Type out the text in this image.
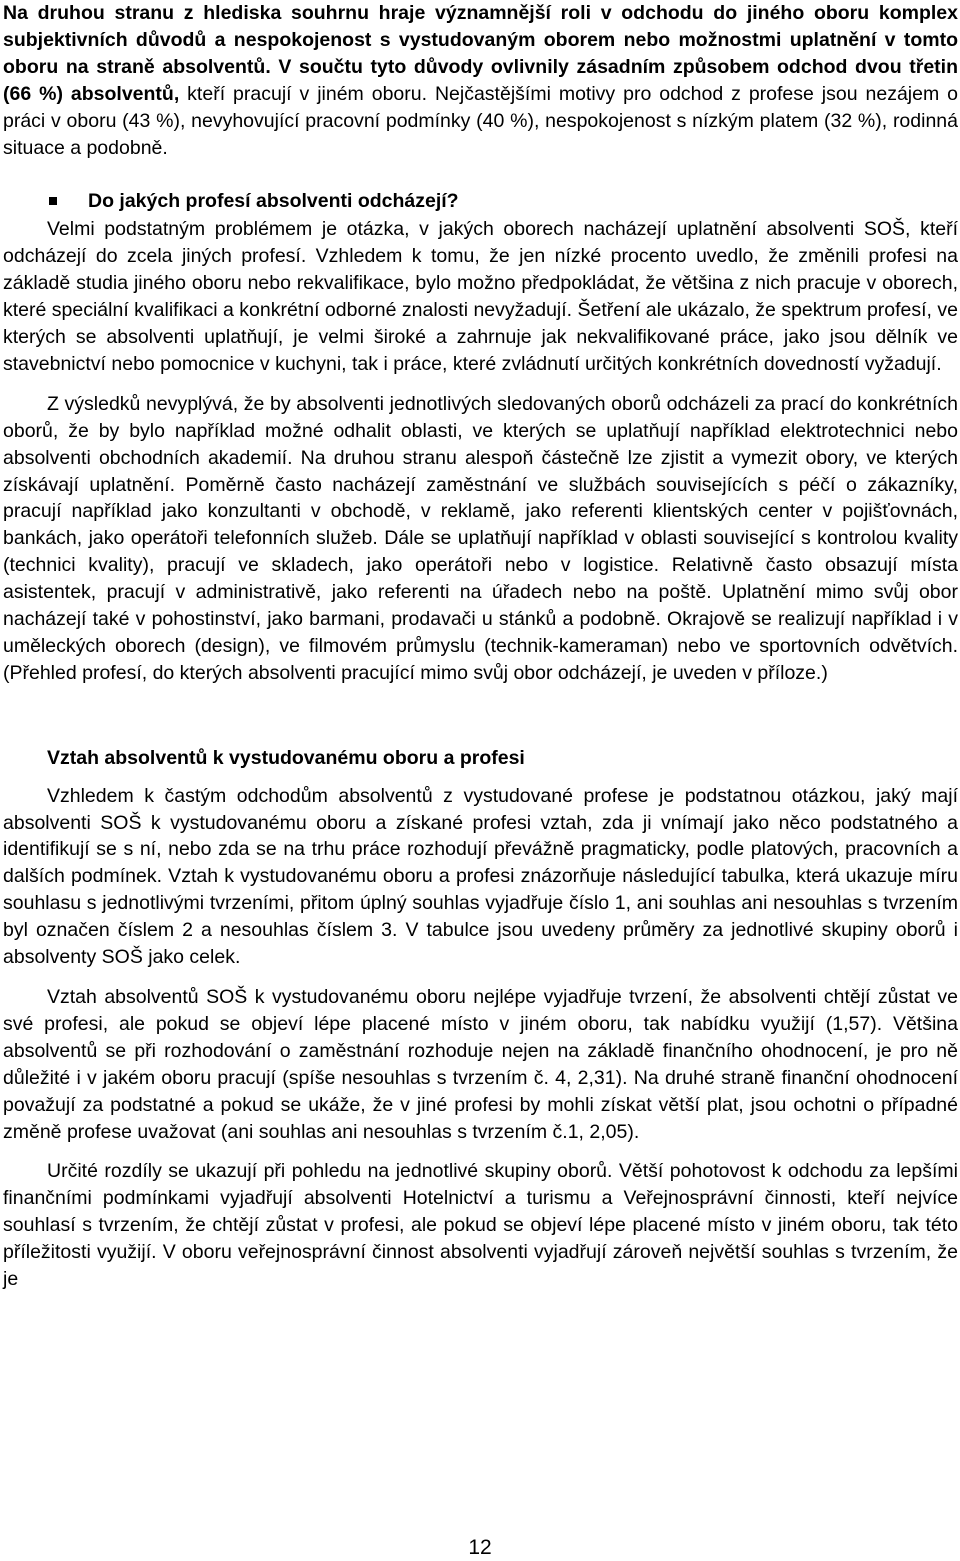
Na druhou stranu z hlediska souhrnu hraje významnější roli v odchodu do jiného oboru komplex subjektivních důvodů a nespokojenost s vystudovaným oborem nebo možnostmi uplatnění v tomto oboru na straně absolventů. V součtu tyto důvody ovlivnily zásadním způsobem odchod dvou třetin (66 %) absolventů, kteří pracují v jiném oboru. Nejčastějšími motivy pro odchod z profese jsou nezájem o práci v oboru (43 %), nevyhovující pracovní podmínky (40 %), nespokojenost s nízkým platem (32 %), rodinná situace a podobně.

Do jakých profesí absolventi odcházejí?

Velmi podstatným problémem je otázka, v jakých oborech nacházejí uplatnění absolventi SOŠ, kteří odcházejí do zcela jiných profesí. Vzhledem k tomu, že jen nízké procento uvedlo, že změnili profesi na základě studia jiného oboru nebo rekvalifikace, bylo možno předpokládat, že většina z nich pracuje v oborech, které speciální kvalifikaci a konkrétní odborné znalosti nevyžadují. Šetření ale ukázalo, že spektrum profesí, ve kterých se absolventi uplatňují, je velmi široké a zahrnuje jak nekvalifikované práce, jako jsou dělník ve stavebnictví nebo pomocnice v kuchyni, tak i práce, které zvládnutí určitých konkrétních dovedností vyžadují.

Z výsledků nevyplývá, že by absolventi jednotlivých sledovaných oborů odcházeli za prací do konkrétních oborů, že by bylo například možné odhalit oblasti, ve kterých se uplatňují například elektrotechnici nebo absolventi obchodních akademií. Na druhou stranu alespoň částečně lze zjistit a vymezit obory, ve kterých získávají uplatnění. Poměrně často nacházejí zaměstnání ve službách souvisejících s péčí o zákazníky, pracují například jako konzultanti v obchodě, v reklamě, jako referenti klientských center v pojišťovnách, bankách, jako operátoři telefonních služeb. Dále se uplatňují například v oblasti související s kontrolou kvality (technici kvality), pracují ve skladech, jako operátoři nebo v logistice. Relativně často obsazují místa asistentek, pracují v administrativě, jako referenti na úřadech nebo na poště. Uplatnění mimo svůj obor nacházejí také v pohostinství, jako barmani, prodavači u stánků a podobně. Okrajově se realizují například i v uměleckých oborech (design), ve filmovém průmyslu (technik-kameraman) nebo ve sportovních odvětvích. (Přehled profesí, do kterých absolventi pracující mimo svůj obor odcházejí, je uveden v příloze.)

Vztah absolventů k vystudovanému oboru a profesi

Vzhledem k častým odchodům absolventů z vystudované profese je podstatnou otázkou, jaký mají absolventi SOŠ k vystudovanému oboru a získané profesi vztah, zda ji vnímají jako něco podstatného a identifikují se s ní, nebo zda se na trhu práce rozhodují převážně pragmaticky, podle platových, pracovních a dalších podmínek. Vztah k vystudovanému oboru a profesi znázorňuje následující tabulka, která ukazuje míru souhlasu s jednotlivými tvrzeními, přitom úplný souhlas vyjadřuje číslo 1, ani souhlas ani nesouhlas s tvrzením byl označen číslem 2 a nesouhlas číslem 3. V tabulce jsou uvedeny průměry za jednotlivé skupiny oborů i absolventy SOŠ jako celek.

Vztah absolventů SOŠ k vystudovanému oboru nejlépe vyjadřuje tvrzení, že absolventi chtějí zůstat ve své profesi, ale pokud se objeví lépe placené místo v jiném oboru, tak nabídku využijí (1,57). Většina absolventů se při rozhodování o zaměstnání rozhoduje nejen na základě finančního ohodnocení, je pro ně důležité i v jakém oboru pracují (spíše nesouhlas s tvrzením č. 4, 2,31). Na druhé straně finanční ohodnocení považují za podstatné a pokud se ukáže, že v jiné profesi by mohli získat větší plat, jsou ochotni o případné změně profese uvažovat (ani souhlas ani nesouhlas s tvrzením č.1, 2,05).

Určité rozdíly se ukazují při pohledu na jednotlivé skupiny oborů. Větší pohotovost k odchodu za lepšími finančními podmínkami vyjadřují absolventi Hotelnictví a turismu a Veřejnosprávní činnosti, kteří nejvíce souhlasí s tvrzením, že chtějí zůstat v profesi, ale pokud se objeví lépe placené místo v jiném oboru, tak této příležitosti využijí. V oboru veřejnosprávní činnost absolventi vyjadřují zároveň největší souhlas s tvrzením, že je

12
